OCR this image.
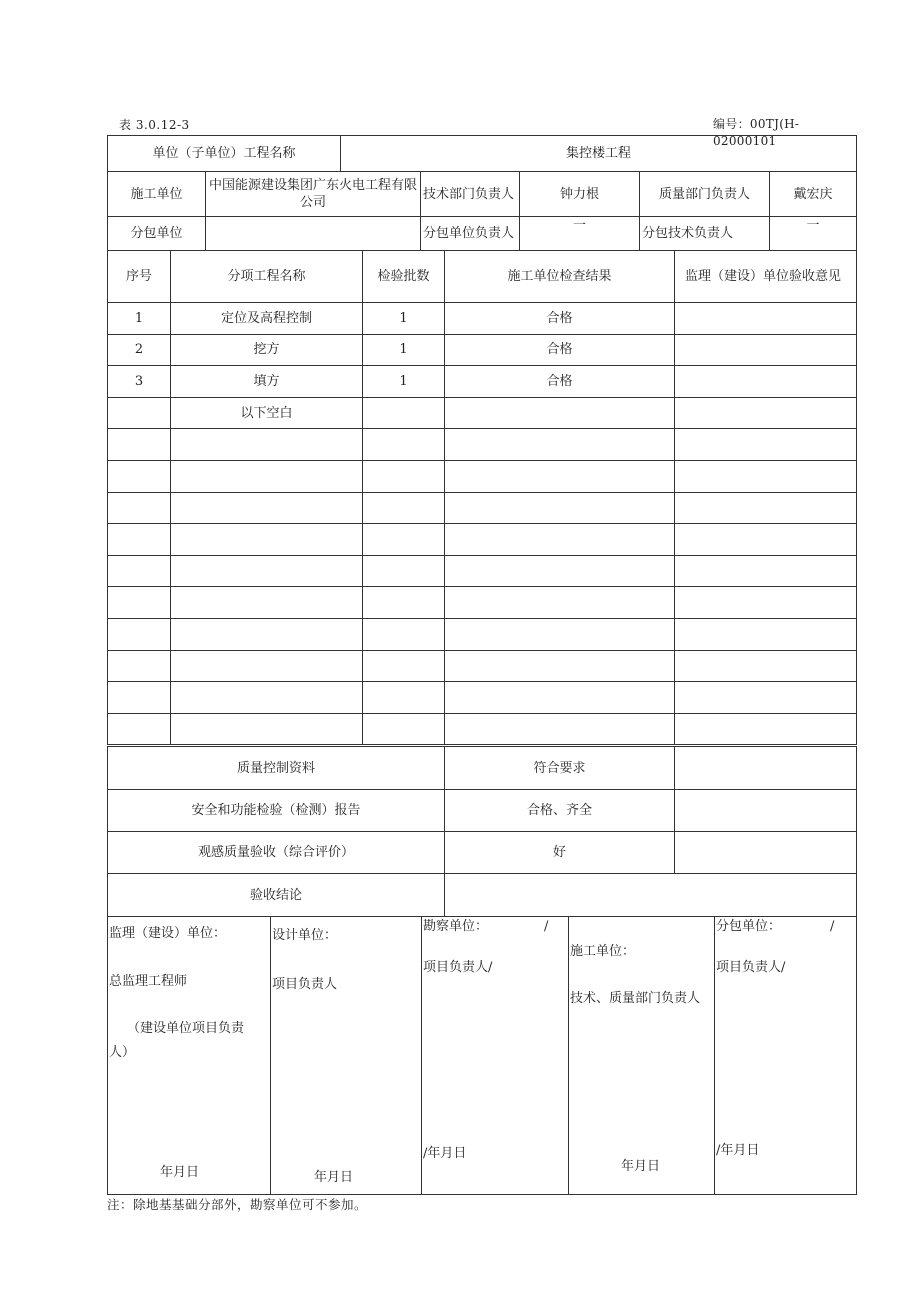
表 3.0.12-3	编号：00TJ(H-02000101
单位（子单位）工程名称		集控楼工程				
施工单位	中国能源建设集团广东火电工程有限公司		技术部门负责人	钟力根	质量部门负责人	戴宏庆
分包单位			分包单位负责人	一	分包技术负责人	一
序号	分项工程名称	检验批数	施工单位检查结果	监理（建设）单位验收意见
1	定位及高程控制	1	合格	
2	挖方	1	合格	
3	填方	1	合格	
	以下空白			

质量控制资料	符合要求	
安全和功能检验（检测）报告	合格、齐全	
观感质量验收（综合评价）	好	
验收结论		
监理（建设）单位：
总监理工程师
（建设单位项目负责
人）
年月日

设计单位：
项目负责人
年月日

勘察单位：	/
项目负责人/
/年月日

施工单位：
技术、质量部门负责人
年月日

分包单位：	/
项目负责人/
/年月日
注：除地基基础分部外，勘察单位可不参加。
